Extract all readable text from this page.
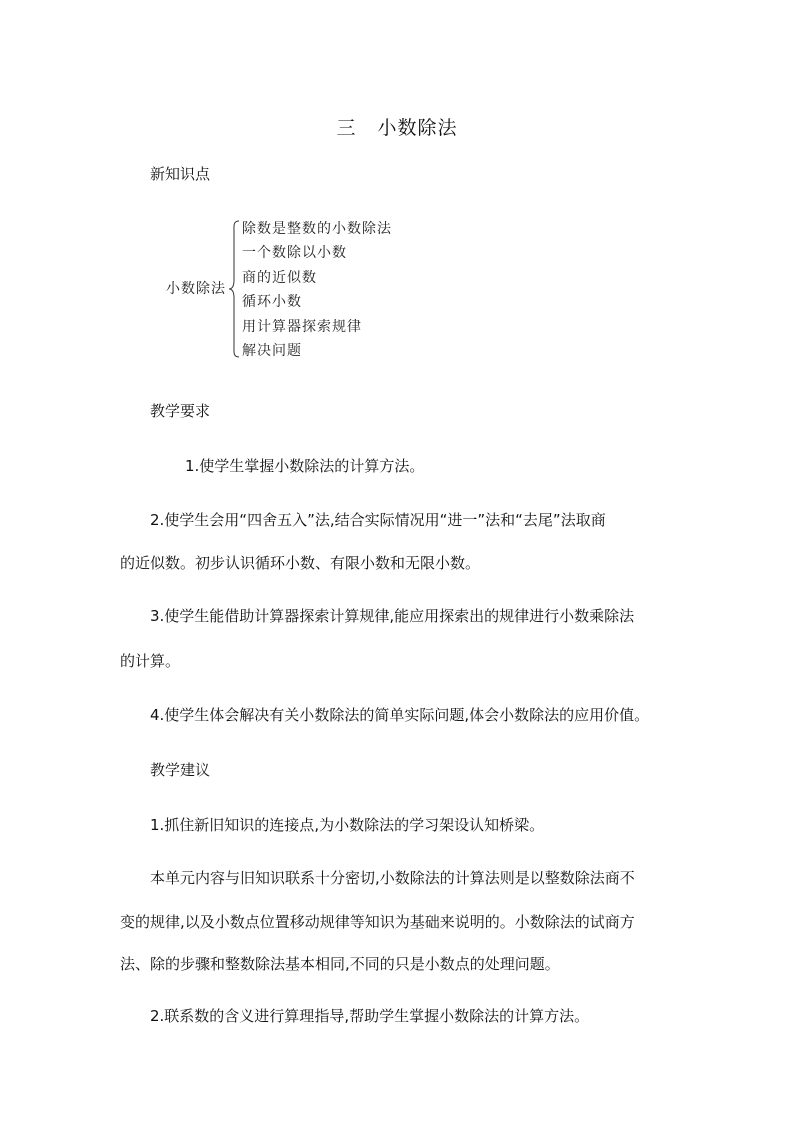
三   小数除法
新知识点
小数除法
除数是整数的小数除法
一个数除以小数
商的近似数
循环小数
用计算器探索规律
解决问题
教学要求
1.使学生掌握小数除法的计算方法。
2.使学生会用“四舍五入”法,结合实际情况用“进一”法和“去尾”法取商
的近似数。初步认识循环小数、有限小数和无限小数。
3.使学生能借助计算器探索计算规律,能应用探索出的规律进行小数乘除法
的计算。
4.使学生体会解决有关小数除法的简单实际问题,体会小数除法的应用价值。
教学建议
1.抓住新旧知识的连接点,为小数除法的学习架设认知桥梁。
本单元内容与旧知识联系十分密切,小数除法的计算法则是以整数除法商不
变的规律,以及小数点位置移动规律等知识为基础来说明的。小数除法的试商方
法、除的步骤和整数除法基本相同,不同的只是小数点的处理问题。
2.联系数的含义进行算理指导,帮助学生掌握小数除法的计算方法。
